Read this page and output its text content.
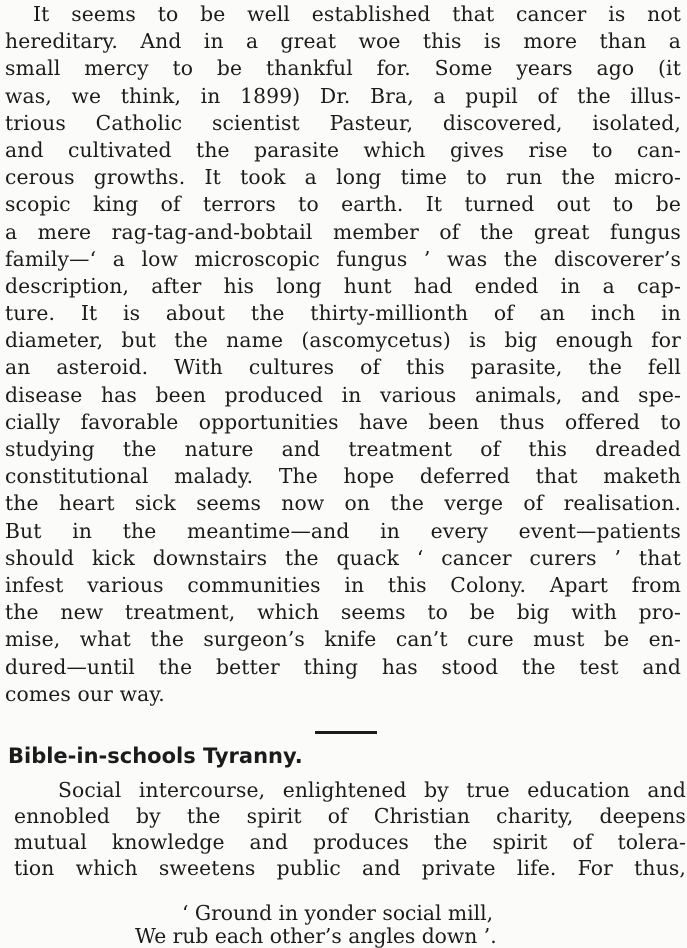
It seems to be well established that cancer is not
hereditary. And in a great woe this is more than a
small mercy to be thankful for. Some years ago (it
was, we think, in 1899) Dr. Bra, a pupil of the illus-
trious Catholic scientist Pasteur, discovered, isolated,
and cultivated the parasite which gives rise to can-
cerous growths. It took a long time to run the micro-
scopic king of terrors to earth. It turned out to be
a mere rag-tag-and-bobtail member of the great fungus
family—‘ a low microscopic fungus ’ was the discoverer’s
description, after his long hunt had ended in a cap-
ture. It is about the thirty-millionth of an inch in
diameter, but the name (ascomycetus) is big enough for
an asteroid. With cultures of this parasite, the fell
disease has been produced in various animals, and spe-
cially favorable opportunities have been thus offered to
studying the nature and treatment of this dreaded
constitutional malady. The hope deferred that maketh
the heart sick seems now on the verge of realisation.
But in the meantime—and in every event—patients
should kick downstairs the quack ‘ cancer curers ’ that
infest various communities in this Colony. Apart from
the new treatment, which seems to be big with pro-
mise, what the surgeon’s knife can’t cure must be en-
dured—until the better thing has stood the test and
comes our way.
Bible-in-schools Tyranny.
Social intercourse, enlightened by true education and
ennobled by the spirit of Christian charity, deepens
mutual knowledge and produces the spirit of tolera-
tion which sweetens public and private life. For thus,
‘ Ground in yonder social mill,
We rub each other’s angles down ’.
